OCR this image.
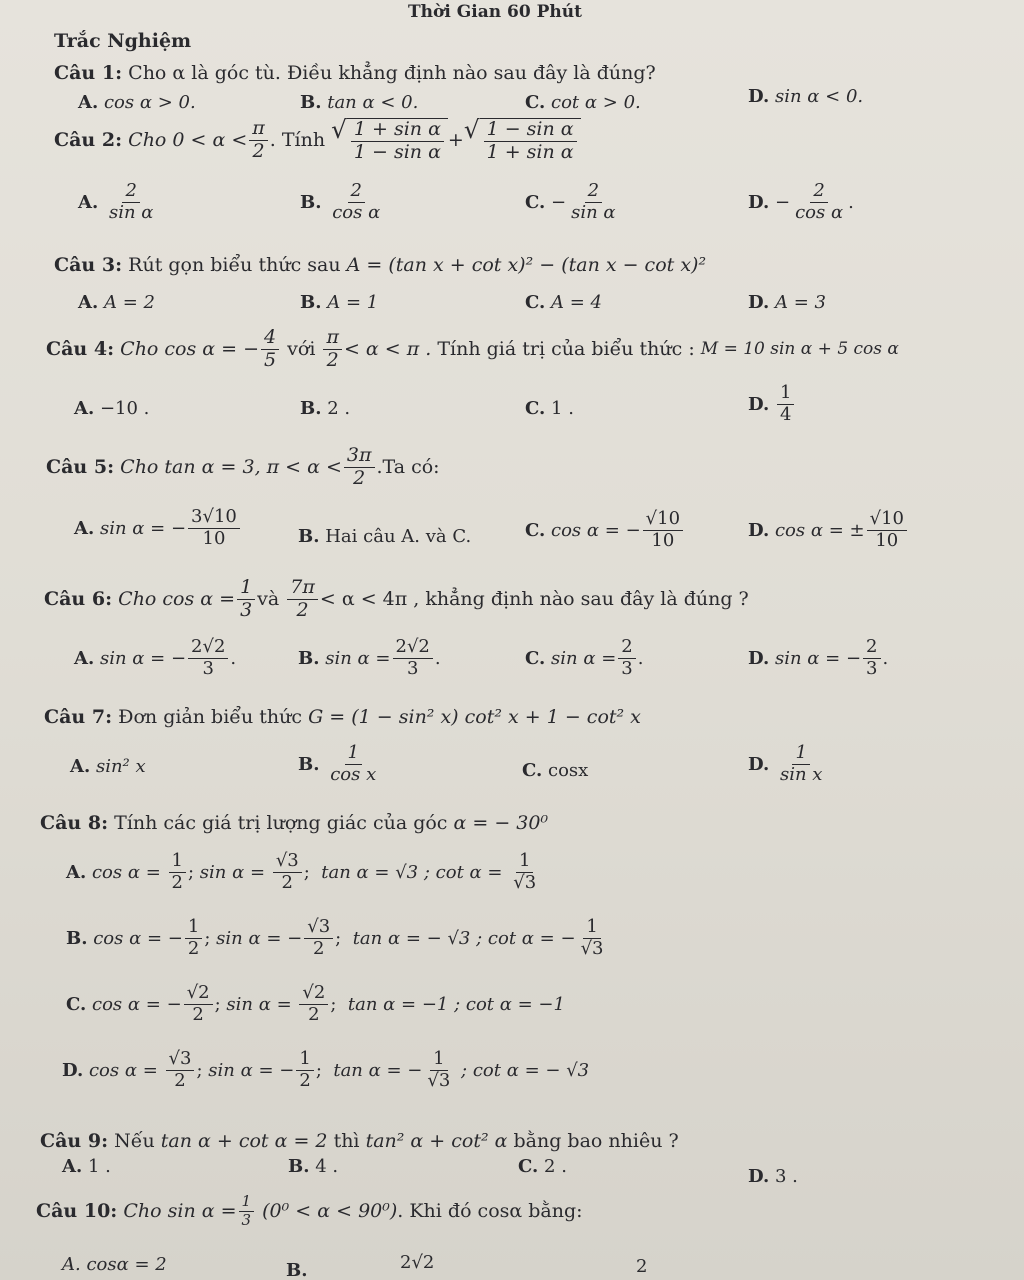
Thời Gian 60 Phút
Trắc Nghiệm
Câu 1: Cho α là góc tù. Điều khẳng định nào sau đây là đúng?
A. cos α > 0.	B. tan α < 0.	C. cot α > 0.	D. sin α < 0.
Câu 2:
Cho $0 < \alpha < \frac{\pi}{2}$ . Tính
√ $\frac{\text{1 + sin α}}{\text{1 − sin α}}$ + √ $\frac{\text{1 − sin α}}{\text{1 + sin α}}$
A.
$\frac{2}{\text{sin α}}$	B.
$\frac{2}{\text{cos α}}$	C.
− $\frac{2}{\text{sin α}}$	D.
− $\frac{2}{\text{cos α}}$ .
Câu 3: Rút gọn biểu thức sau A = (tan x + cot x)² − (tan x − cot x)²
A. A = 2	B. A = 1	C. A = 4	D. A = 3
Câu 4:
Cho cos α = − $\frac{4}{5}$
với
$\frac{\pi}{2} < \alpha < \pi$ .
Tính giá trị của biểu thức :
M = 10 sin α + 5 cos α
A. −10 .	B. 2 .	C. 1 .	D.
$\frac{1}{4}$
Câu 5:
Cho tan α = 3, $\pi < \alpha < \frac{3\pi}{2} .Ta$ có:
A.
sin α = − $\frac{3√10}{10}$	B. Hai câu A. và C.	C.
cos α = − $\frac{√10}{10}$	D.
cos α = ± $\frac{√10}{10}$
Câu 6:
Cho $\cos \alpha = \frac{1}{3}$ và
$\frac{7\pi}{2} < \alpha < 4\pi$ , khẳng định nào sau đây là đúng ?
A.
sin α = − $\frac{2√2}{3}$ .	B.
$\sin \alpha = \frac{2√2}{3}$ .	C.
$\sin \alpha = \frac{2}{3}$ .	D.
sin α = − $\frac{2}{3}$ .
Câu 7: Đơn giản biểu thức G = (1 − sin² x) cot² x + 1 − cot² x
A. sin² x	B.
$\frac{1}{\text{cos x}}$	C. cosx	D.
$\frac{1}{\text{sin x}}$
Câu 8: Tính các giá trị lượng giác của góc α = − 30⁰
A.
cos α =
$\frac{1}{2}$ ; sin α =
$\frac{√3}{2}$ ; tan α = √3 ;
cot α =
$\frac{1}{√3}$
B.
cos α =
− $\frac{1}{2}$ ; sin α =
− $\frac{√3}{2}$ ; tan α = − √3 ;
cot α =
− $\frac{1}{√3}$
C.
cos α =
− $\frac{√2}{2}$ ; sin α =
$\frac{√2}{2}$ ; tan α = −1 ;
cot α = −1
D.
cos α =
$\frac{√3}{2}$ ; sin α =
− $\frac{1}{2}$ ; tan α = − $\frac{1}{√3}$
; cot α = − √3
Câu 9: Nếu tan α + cot α = 2 thì tan² α + cot² α bằng bao nhiêu ?
A. 1 .	B. 4 .	C. 2 .	D. 3 .
Câu 10:
Cho $\sin \alpha = \frac{1}{3}$
(0⁰ < α < 90⁰) . Khi đó cosα bằng:
A. cosα = 2	B.	2√2	2
